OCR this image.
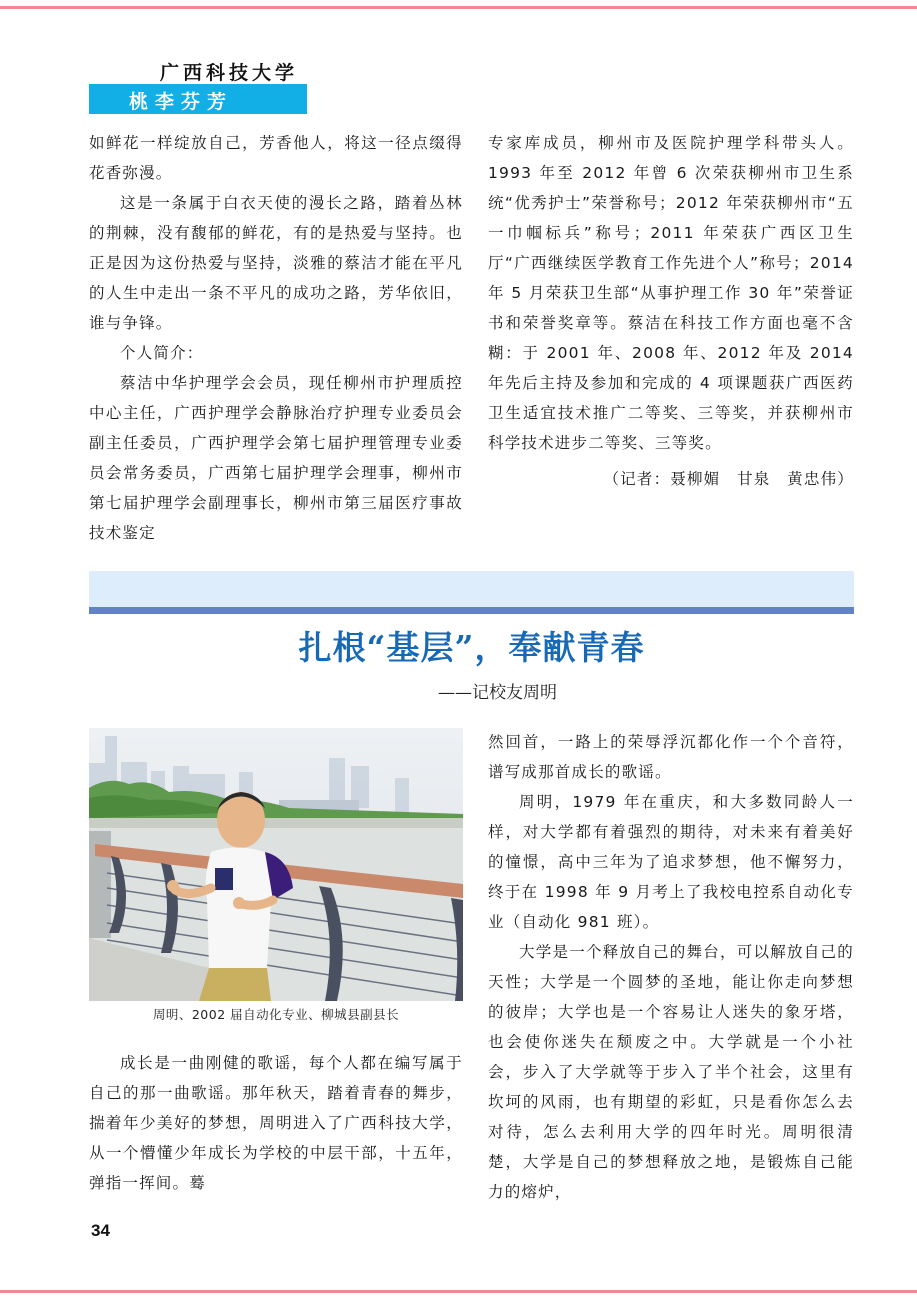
广西科技大学
桃李芬芳

如鲜花一样绽放自己，芳香他人，将这一径点缀得花香弥漫。

这是一条属于白衣天使的漫长之路，踏着丛林的荆棘，没有馥郁的鲜花，有的是热爱与坚持。也正是因为这份热爱与坚持，淡雅的蔡洁才能在平凡的人生中走出一条不平凡的成功之路，芳华依旧，谁与争锋。

个人简介：

蔡洁中华护理学会会员，现任柳州市护理质控中心主任，广西护理学会静脉治疗护理专业委员会副主任委员，广西护理学会第七届护理管理专业委员会常务委员，广西第七届护理学会理事，柳州市第七届护理学会副理事长，柳州市第三届医疗事故技术鉴定

专家库成员，柳州市及医院护理学科带头人。1993 年至 2012 年曾 6 次荣获柳州市卫生系统“优秀护士”荣誉称号；2012 年荣获柳州市“五一巾帼标兵”称号；2011 年荣获广西区卫生厅“广西继续医学教育工作先进个人”称号；2014 年 5 月荣获卫生部“从事护理工作 30 年”荣誉证书和荣誉奖章等。蔡洁在科技工作方面也毫不含糊：于 2001 年、2008 年、2012 年及 2014 年先后主持及参加和完成的 4 项课题获广西医药卫生适宜技术推广二等奖、三等奖，并获柳州市科学技术进步二等奖、三等奖。

（记者：聂柳媚　甘泉　黄忠伟）

扎根“基层”，奉献青春
——记校友周明
周明、2002 届自动化专业、柳城县副县长

成长是一曲刚健的歌谣，每个人都在编写属于自己的那一曲歌谣。那年秋天，踏着青春的舞步，揣着年少美好的梦想，周明进入了广西科技大学，从一个懵懂少年成长为学校的中层干部，十五年，弹指一挥间。蓦

然回首，一路上的荣辱浮沉都化作一个个音符，谱写成那首成长的歌谣。

周明，1979 年在重庆，和大多数同龄人一样，对大学都有着强烈的期待，对未来有着美好的憧憬，高中三年为了追求梦想，他不懈努力，终于在 1998 年 9 月考上了我校电控系自动化专业（自动化 981 班）。

大学是一个释放自己的舞台，可以解放自己的天性；大学是一个圆梦的圣地，能让你走向梦想的彼岸；大学也是一个容易让人迷失的象牙塔，也会使你迷失在颓废之中。大学就是一个小社会，步入了大学就等于步入了半个社会，这里有坎坷的风雨，也有期望的彩虹，只是看你怎么去对待，怎么去利用大学的四年时光。周明很清楚，大学是自己的梦想释放之地，是锻炼自己能力的熔炉，

34
